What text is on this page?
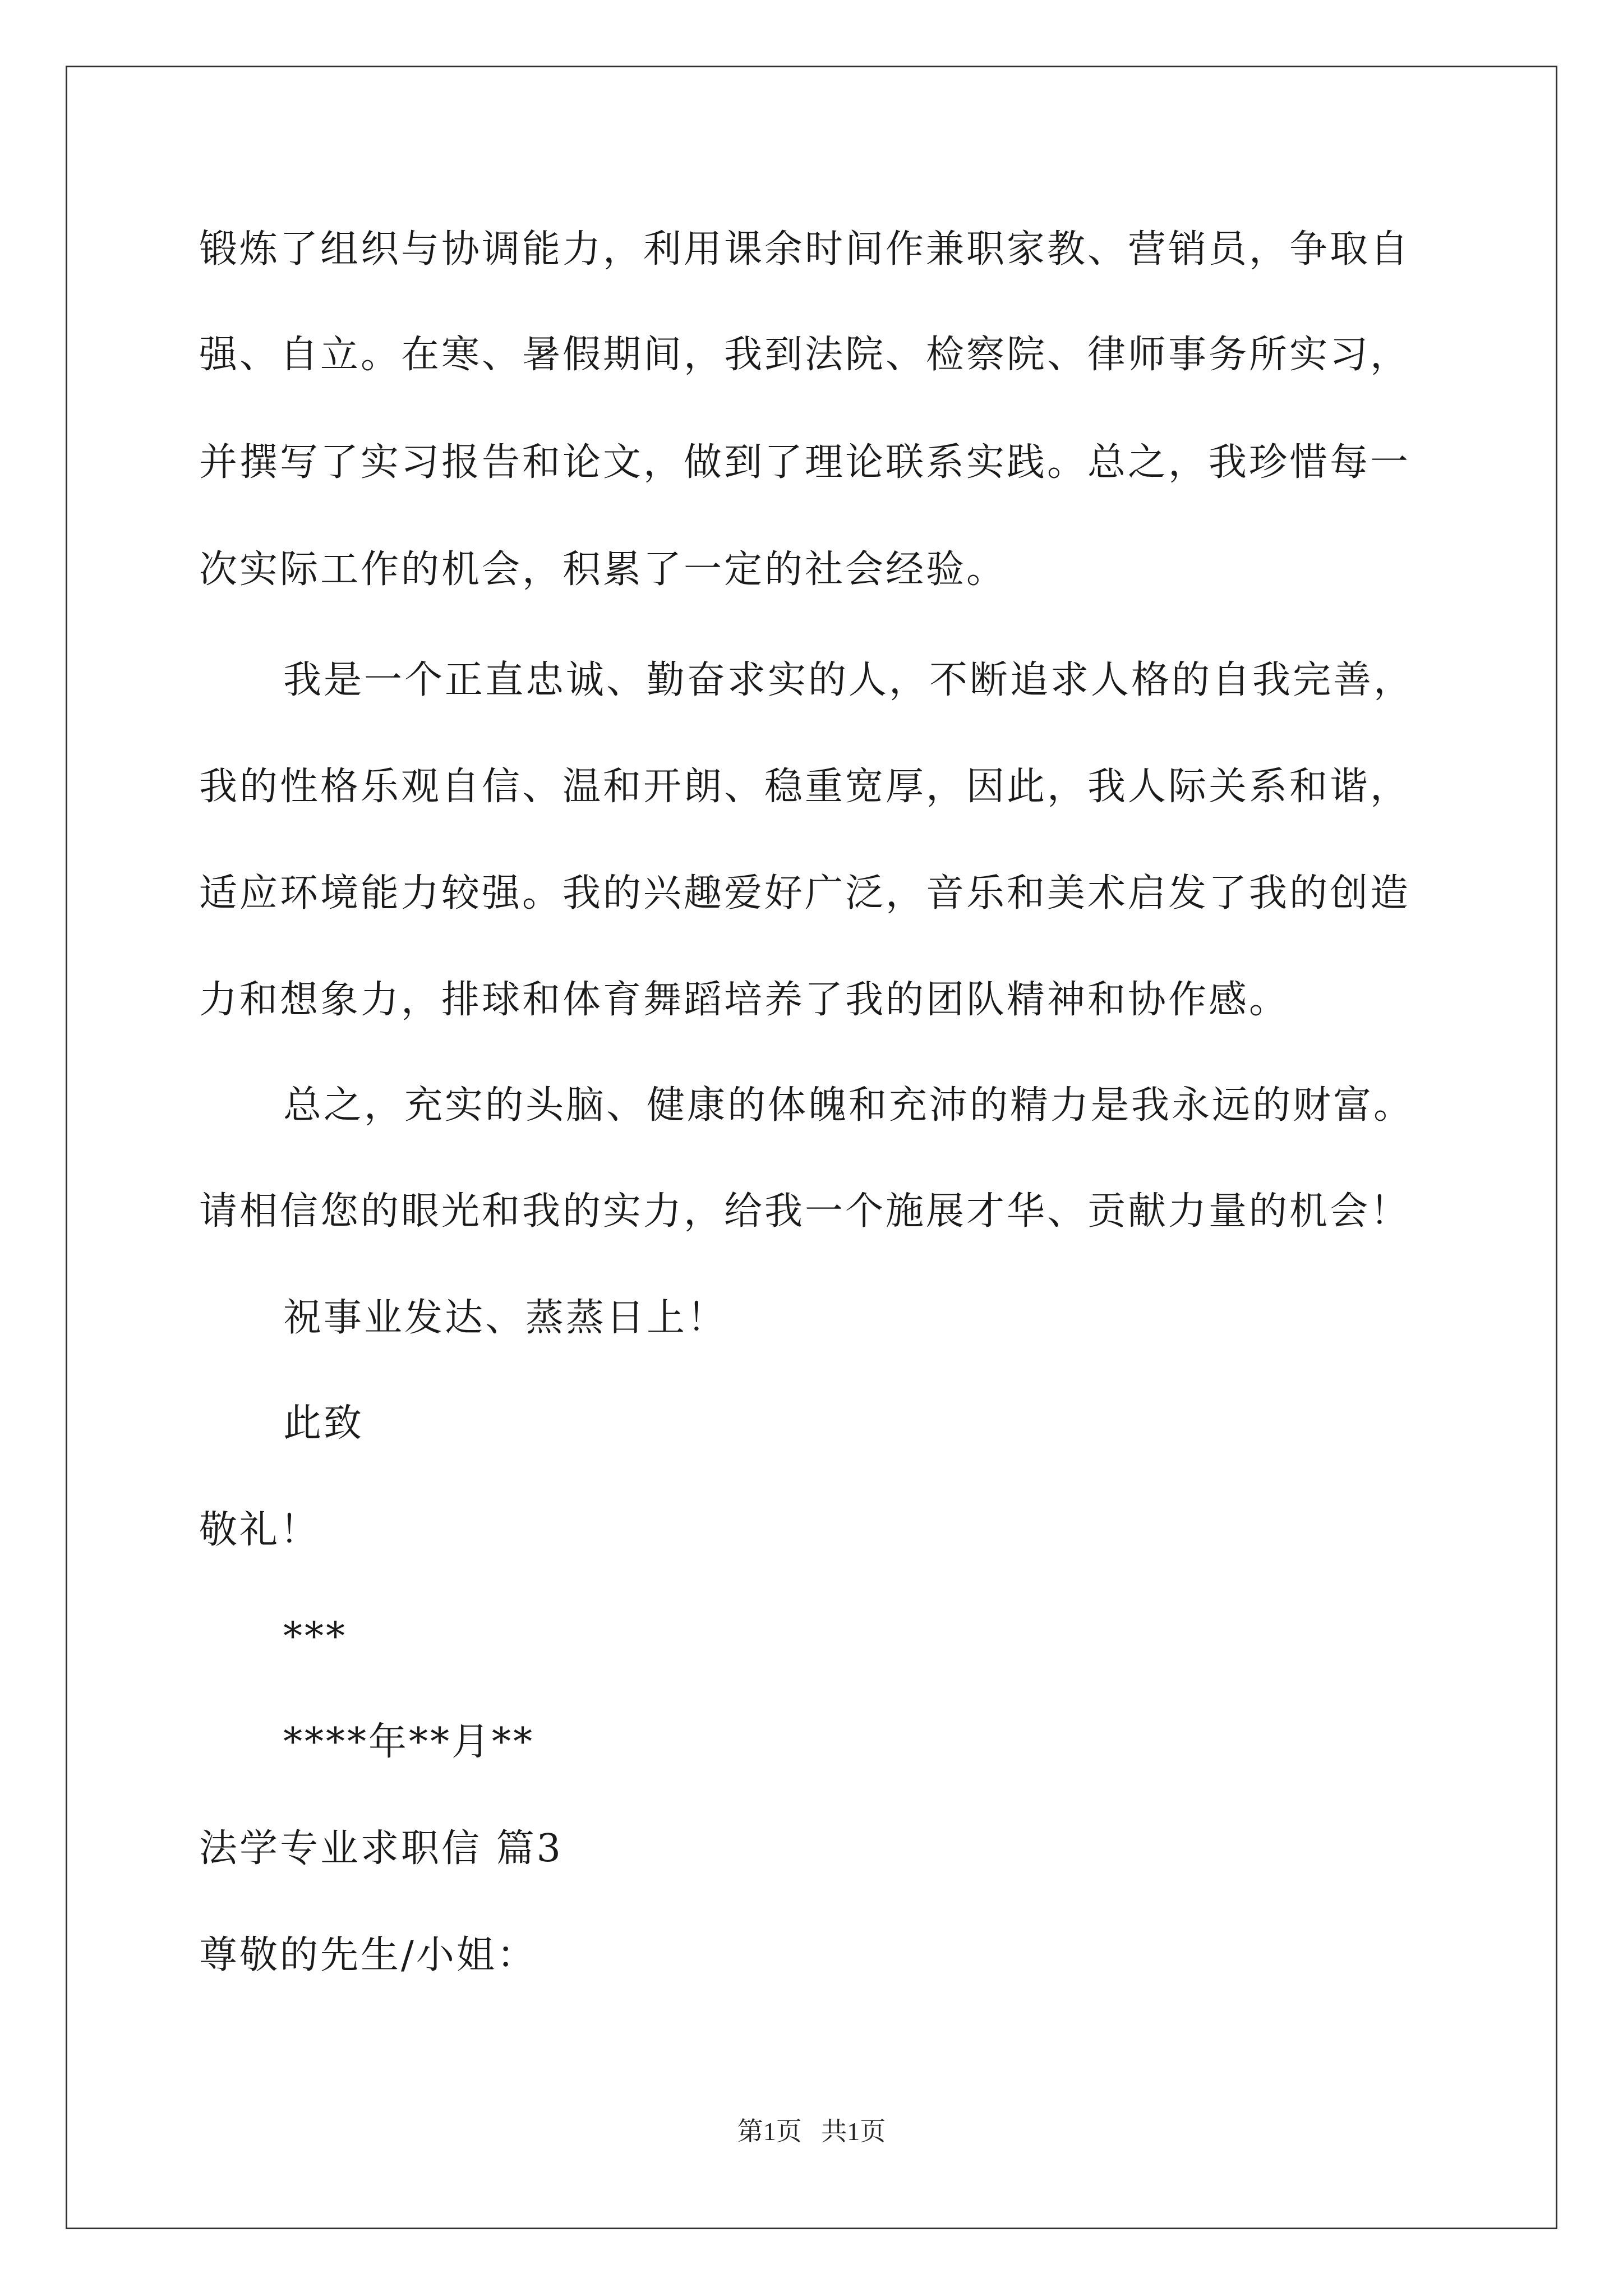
锻炼了组织与协调能力，利用课余时间作兼职家教、营销员，争取自
强、自立。在寒、暑假期间，我到法院、检察院、律师事务所实习，
并撰写了实习报告和论文，做到了理论联系实践。总之，我珍惜每一
次实际工作的机会，积累了一定的社会经验。
我是一个正直忠诚、勤奋求实的人，不断追求人格的自我完善，
我的性格乐观自信、温和开朗、稳重宽厚，因此，我人际关系和谐，
适应环境能力较强。我的兴趣爱好广泛，音乐和美术启发了我的创造
力和想象力，排球和体育舞蹈培养了我的团队精神和协作感。
总之，充实的头脑、健康的体魄和充沛的精力是我永远的财富。
请相信您的眼光和我的实力，给我一个施展才华、贡献力量的机会！
祝事业发达、蒸蒸日上！
此致
敬礼！
***
****年**月**
法学专业求职信 篇3
尊敬的先生/小姐：
第1页   共1页
